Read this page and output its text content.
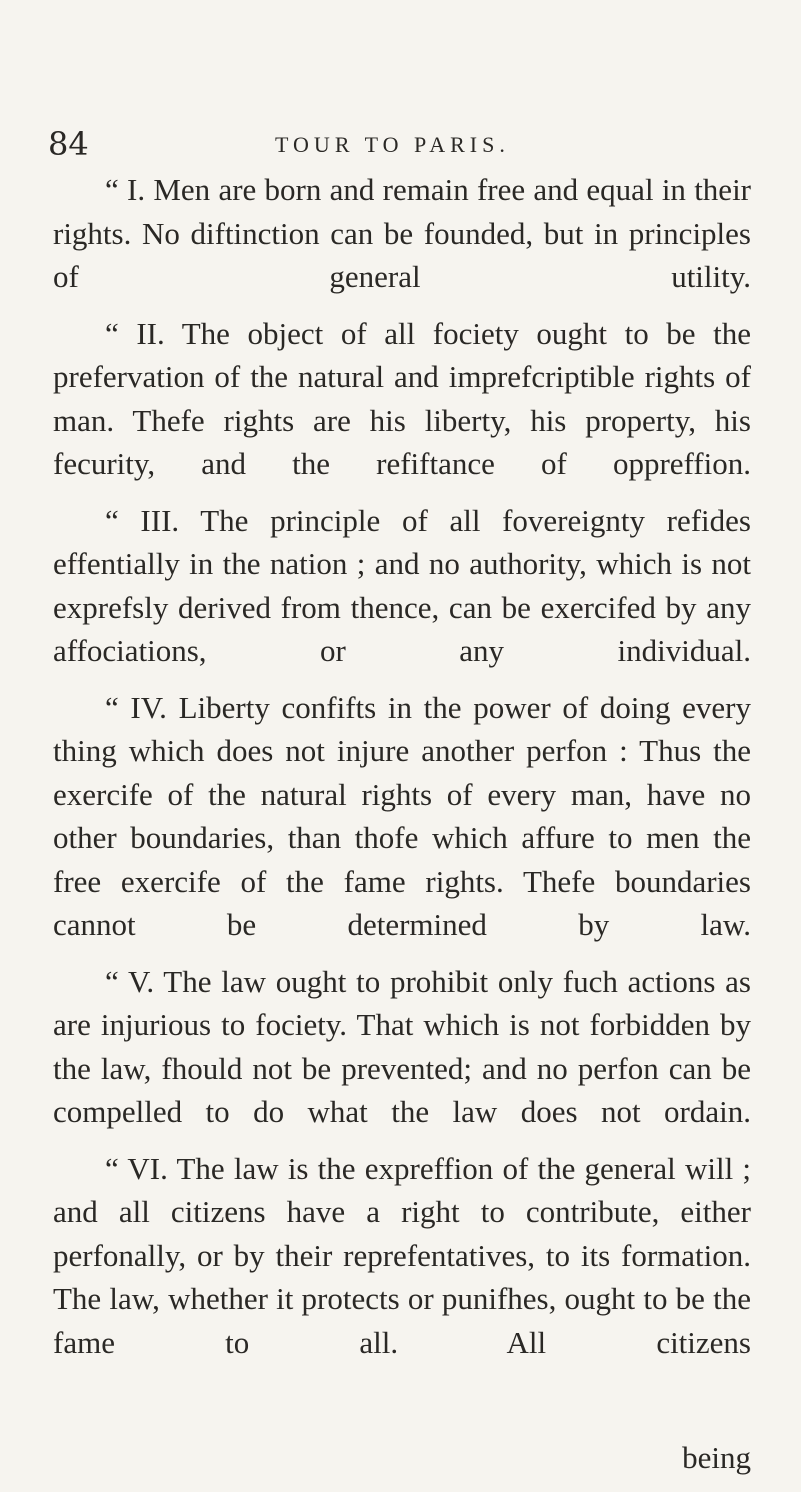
84	TOUR TO PARIS.

“ I. Men are born and remain free and equal in their rights. No diftinction can be founded, but in principles of general utility.

“ II. The object of all fociety ought to be the prefervation of the natural and imprefcriptible rights of man. Thefe rights are his liberty, his property, his fecurity, and the refiftance of oppreffion.

“ III. The principle of all fovereignty refides effentially in the nation ; and no authority, which is not exprefsly derived from thence, can be exercifed by any affociations, or any individual.

“ IV. Liberty confifts in the power of doing every thing which does not injure another perfon : Thus the exercife of the natural rights of every man, have no other boundaries, than thofe which affure to men the free exercife of the fame rights. Thefe boundaries cannot be determined by law.

“ V. The law ought to prohibit only fuch actions as are injurious to fociety. That which is not forbidden by the law, fhould not be prevented; and no perfon can be compelled to do what the law does not ordain.

“ VI. The law is the expreffion of the general will ; and all citizens have a right to contribute, either perfonally, or by their reprefentatives, to its formation. The law, whether it protects or punifhes, ought to be the fame to all. All citizens

being
